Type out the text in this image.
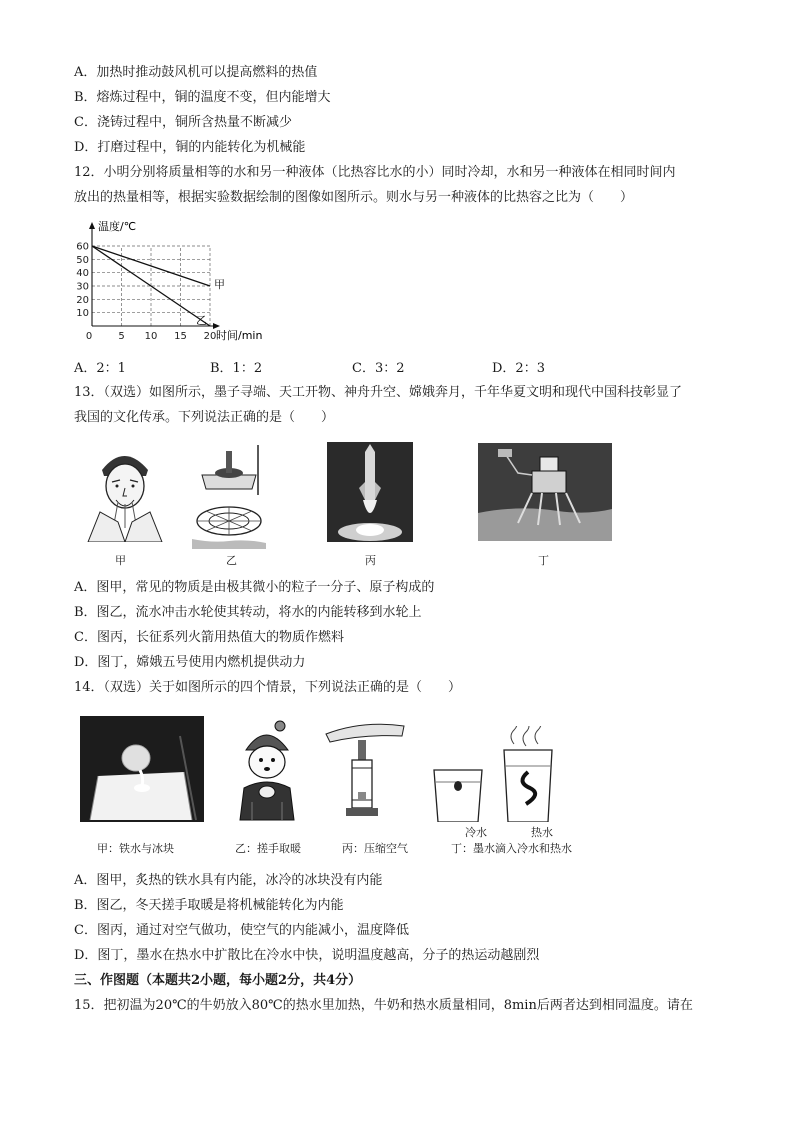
A．加热时推动鼓风机可以提高燃料的热值
B．熔炼过程中，铜的温度不变，但内能增大
C．浇铸过程中，铜所含热量不断减少
D．打磨过程中，铜的内能转化为机械能
12．小明分别将质量相等的水和另一种液体（比热容比水的小）同时冷却，水和另一种液体在相同时间内
放出的热量相等，根据实验数据绘制的图像如图所示。则水与另一种液体的比热容之比为（　　）
甲
乙
10
20
30
40
50
60
0	5 10 15 20
温度/℃
时间/min
A．2：1	B．1：2	C．3：2	D．2：3
13．（双选）如图所示，墨子寻端、天工开物、神舟升空、嫦娥奔月，千年华夏文明和现代中国科技彰显了
我国的文化传承。下列说法正确的是（　　）
甲	乙	丙	丁
A．图甲，常见的物质是由极其微小的粒子一分子、原子构成的
B．图乙，流水冲击水轮使其转动，将水的内能转移到水轮上
C．图丙，长征系列火箭用热值大的物质作燃料
D．图丁，嫦娥五号使用内燃机提供动力
14．（双选）关于如图所示的四个情景，下列说法正确的是（　　）
甲：铁水与冰块	乙：搓手取暖	丙：压缩空气
冷水	热水
丁：墨水滴入冷水和热水
A．图甲，炙热的铁水具有内能，冰冷的冰块没有内能
B．图乙，冬天搓手取暖是将机械能转化为内能
C．图丙，通过对空气做功，使空气的内能减小，温度降低
D．图丁，墨水在热水中扩散比在冷水中快，说明温度越高，分子的热运动越剧烈
三、作图题（本题共2小题，每小题2分，共4分）
15．把初温为20℃的牛奶放入80℃的热水里加热，牛奶和热水质量相同，8min后两者达到相同温度。请在
